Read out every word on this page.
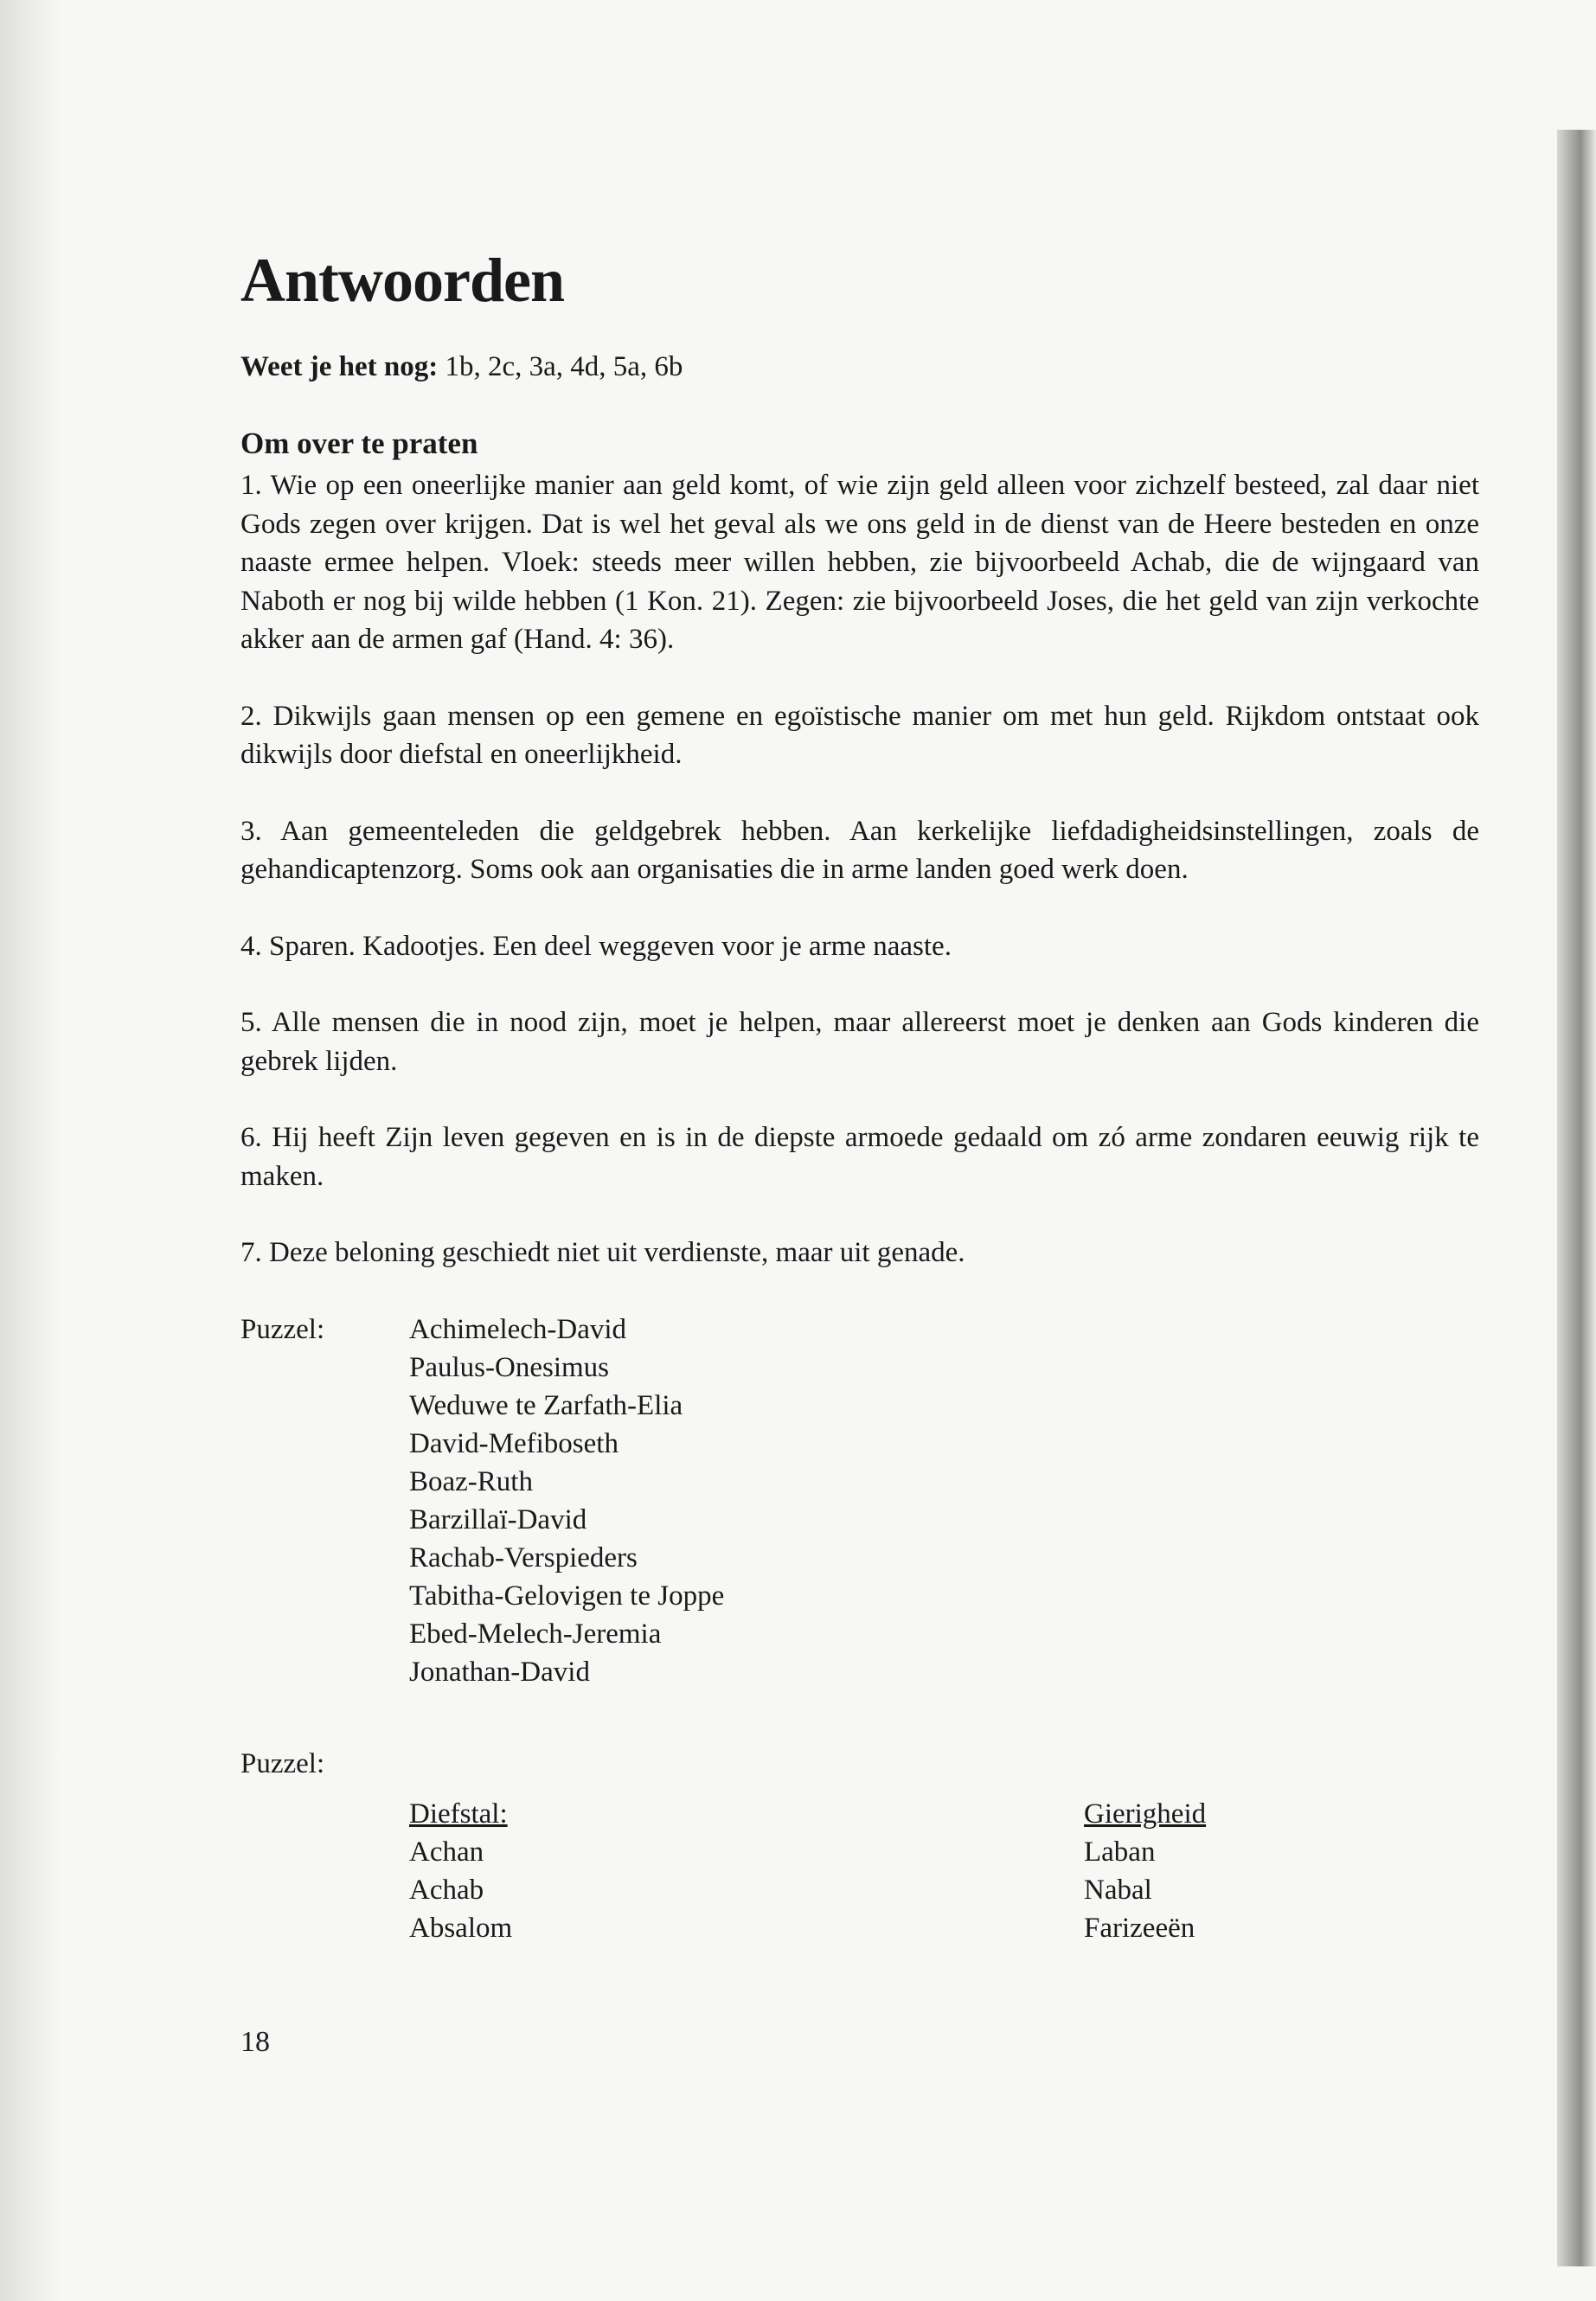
Antwoorden

Weet je het nog: 1b, 2c, 3a, 4d, 5a, 6b

Om over te praten

1. Wie op een oneerlijke manier aan geld komt, of wie zijn geld alleen voor zichzelf besteed, zal daar niet Gods zegen over krijgen. Dat is wel het geval als we ons geld in de dienst van de Heere besteden en onze naaste ermee helpen. Vloek: steeds meer willen hebben, zie bijvoorbeeld Achab, die de wijngaard van Naboth er nog bij wilde hebben (1 Kon. 21). Zegen: zie bijvoorbeeld Joses, die het geld van zijn verkochte akker aan de armen gaf (Hand. 4: 36).

2. Dikwijls gaan mensen op een gemene en egoïstische manier om met hun geld. Rijkdom ontstaat ook dikwijls door diefstal en oneerlijkheid.

3. Aan gemeenteleden die geldgebrek hebben. Aan kerkelijke liefdadigheidsinstellingen, zoals de gehandicaptenzorg. Soms ook aan organisaties die in arme landen goed werk doen.

4. Sparen. Kadootjes. Een deel weggeven voor je arme naaste.

5. Alle mensen die in nood zijn, moet je helpen, maar allereerst moet je denken aan Gods kinderen die gebrek lijden.

6. Hij heeft Zijn leven gegeven en is in de diepste armoede gedaald om zó arme zondaren eeuwig rijk te maken.

7. Deze beloning geschiedt niet uit verdienste, maar uit genade.

Puzzel:	Achimelech-David
Paulus-Onesimus
Weduwe te Zarfath-Elia
David-Mefiboseth
Boaz-Ruth
Barzillaï-David
Rachab-Verspieders
Tabitha-Gelovigen te Joppe
Ebed-Melech-Jeremia
Jonathan-David
Puzzel:
Diefstal:
Achan
Achab
Absalom
Gierigheid
Laban
Nabal
Farizeeën
18
